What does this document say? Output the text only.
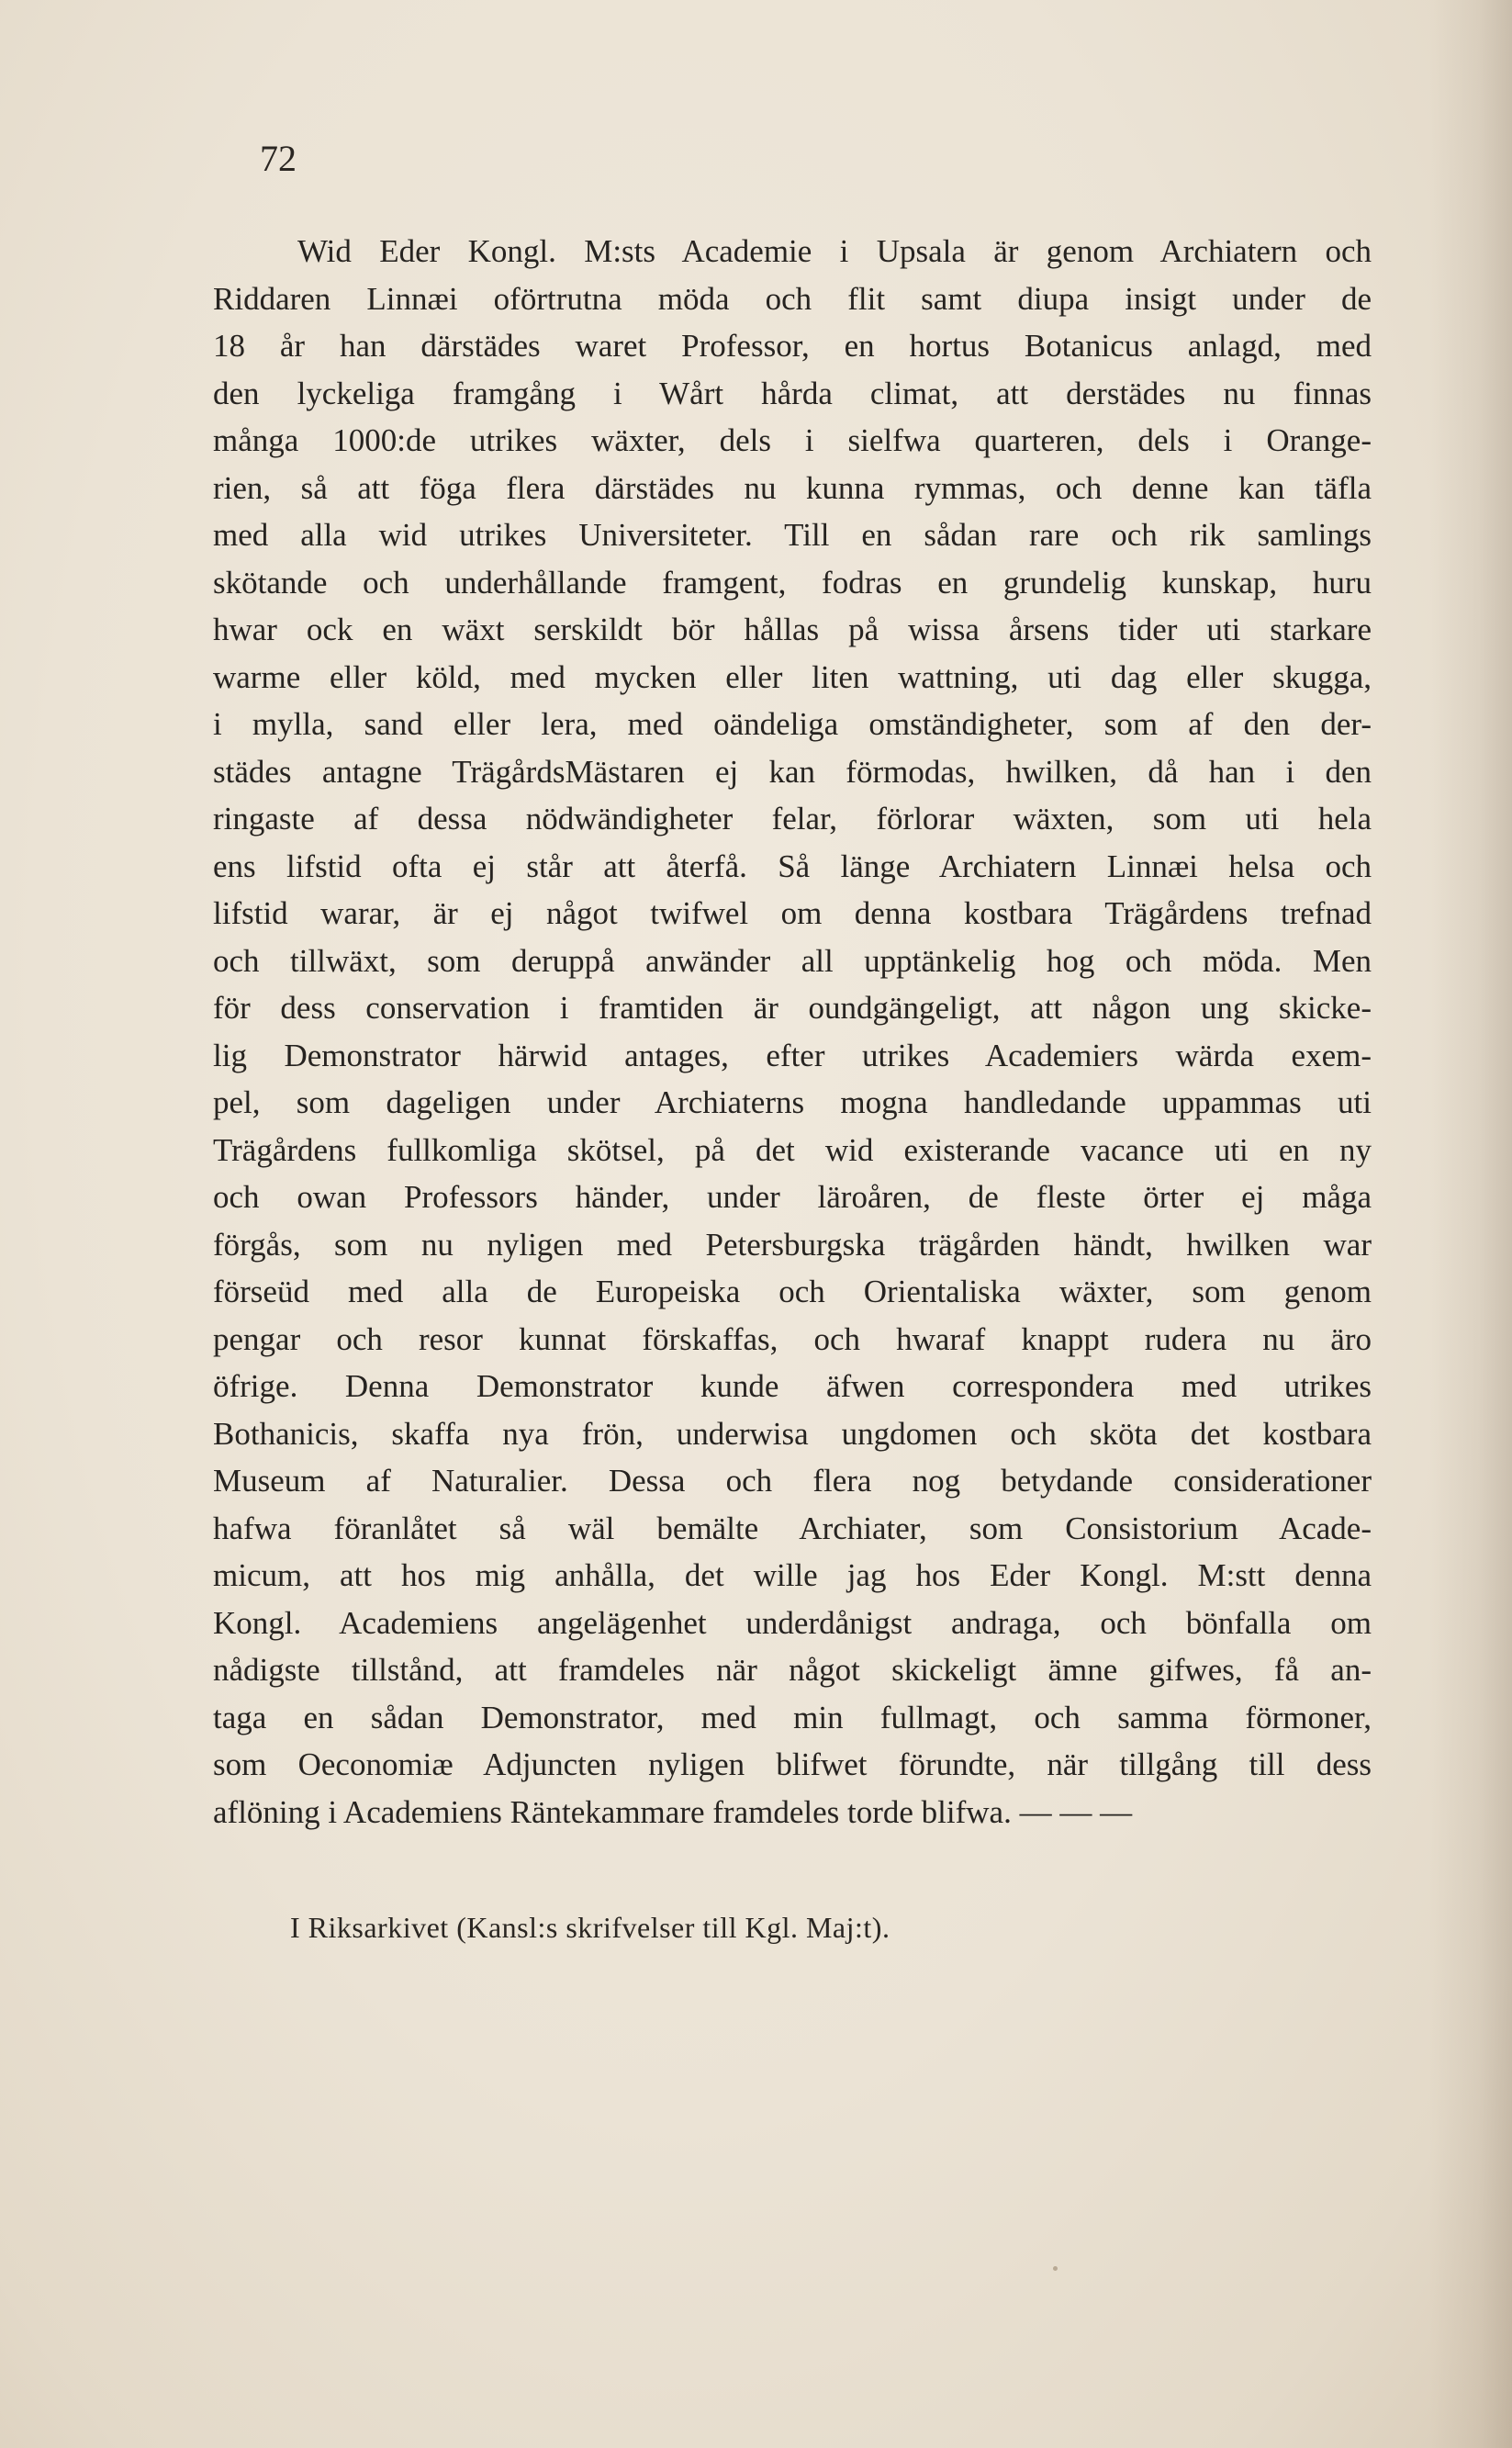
72
Wid Eder Kongl. M:sts Academie i Upsala är genom Archiatern och
Riddaren Linnæi oförtrutna möda och flit samt diupa insigt under de
18 år han därstädes waret Professor, en hortus Botanicus anlagd, med
den lyckeliga framgång i Wårt hårda climat, att derstädes nu finnas
många 1000:de utrikes wäxter, dels i sielfwa quarteren, dels i Orange-
rien, så att föga flera därstädes nu kunna rymmas, och denne kan täfla
med alla wid utrikes Universiteter. Till en sådan rare och rik samlings
skötande och underhållande framgent, fodras en grundelig kunskap, huru
hwar ock en wäxt serskildt bör hållas på wissa årsens tider uti starkare
warme eller köld, med mycken eller liten wattning, uti dag eller skugga,
i mylla, sand eller lera, med oändeliga omständigheter, som af den der-
städes antagne TrägårdsMästaren ej kan förmodas, hwilken, då han i den
ringaste af dessa nödwändigheter felar, förlorar wäxten, som uti hela
ens lifstid ofta ej står att återfå. Så länge Archiatern Linnæi helsa och
lifstid warar, är ej något twifwel om denna kostbara Trägårdens trefnad
och tillwäxt, som deruppå anwänder all upptänkelig hog och möda. Men
för dess conservation i framtiden är oundgängeligt, att någon ung skicke-
lig Demonstrator härwid antages, efter utrikes Academiers wärda exem-
pel, som dageligen under Archiaterns mogna handledande uppammas uti
Trägårdens fullkomliga skötsel, på det wid existerande vacance uti en ny
och owan Professors händer, under läroåren, de fleste örter ej måga
förgås, som nu nyligen med Petersburgska trägården händt, hwilken war
förseüd med alla de Europeiska och Orientaliska wäxter, som genom
pengar och resor kunnat förskaffas, och hwaraf knappt rudera nu äro
öfrige. Denna Demonstrator kunde äfwen correspondera med utrikes
Bothanicis, skaffa nya frön, underwisa ungdomen och sköta det kostbara
Museum af Naturalier. Dessa och flera nog betydande considerationer
hafwa föranlåtet så wäl bemälte Archiater, som Consistorium Acade-
micum, att hos mig anhålla, det wille jag hos Eder Kongl. M:stt denna
Kongl. Academiens angelägenhet underdånigst andraga, och bönfalla om
nådigste tillstånd, att framdeles när något skickeligt ämne gifwes, få an-
taga en sådan Demonstrator, med min fullmagt, och samma förmoner,
som Oeconomiæ Adjuncten nyligen blifwet förundte, när tillgång till dess
aflöning i Academiens Räntekammare framdeles torde blifwa. — — —
I Riksarkivet (Kansl:s skrifvelser till Kgl. Maj:t).
